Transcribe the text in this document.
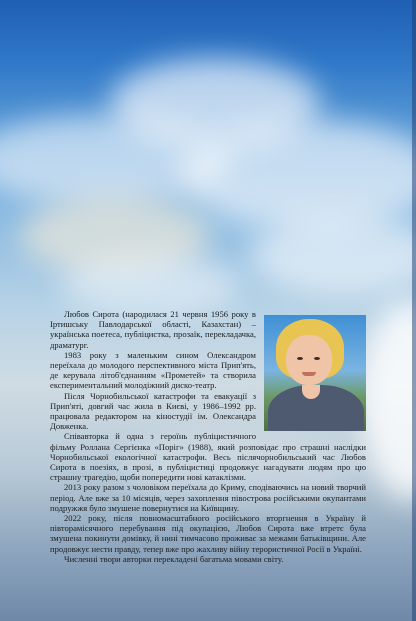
Любов Сирота (народилася 21 червня 1956 року в Іртишську Павлодарської області, Казахстан) – українська поетеса, публіцистка, прозаїк, перекладачка, драматург.

1983 року з маленьким сином Олександром переїхала до молодого перспективного міста Прип'ять, де керувала літоб'єднанням «Прометей» та створила експериментальний молодіжний диско-театр.

Після Чорнобильської катастрофи та евакуації з Прип'яті, довгий час жила в Києві, у 1986–1992 рр. працювала редактором на кіностудії ім. Олександра Довженка.

Співавторка й одна з героїнь публіцистичного фільму Роллана Сергієнка «Поріг» (1988), який розповідає про страшні наслідки Чорнобильської екологічної катастрофи. Весь післячорнобильський час Любов Сирота в поезіях, в прозі, в публіцистиці продовжує нагадувати людям про цю страшну трагедію, щоби попередити нові катаклізми.

2013 року разом з чоловіком переїхала до Криму, сподіваючись на новий творчий період. Але вже за 10 місяців, через захоплення півострова російськими окупантами подружжя було змушене повернутися на Київщину.

2022 року, після повномасштабного російського вторгнення в Україну й півторамісячного перебування під окупацією, Любов Сирота вже втретє була змушена покинути домівку, й нині тимчасово проживає за межами батьківщини. Але продовжує нести правду, тепер вже про жахливу війну терористичної Росії в Україні.

Численні твори авторки перекладені багатьма мовами світу.
